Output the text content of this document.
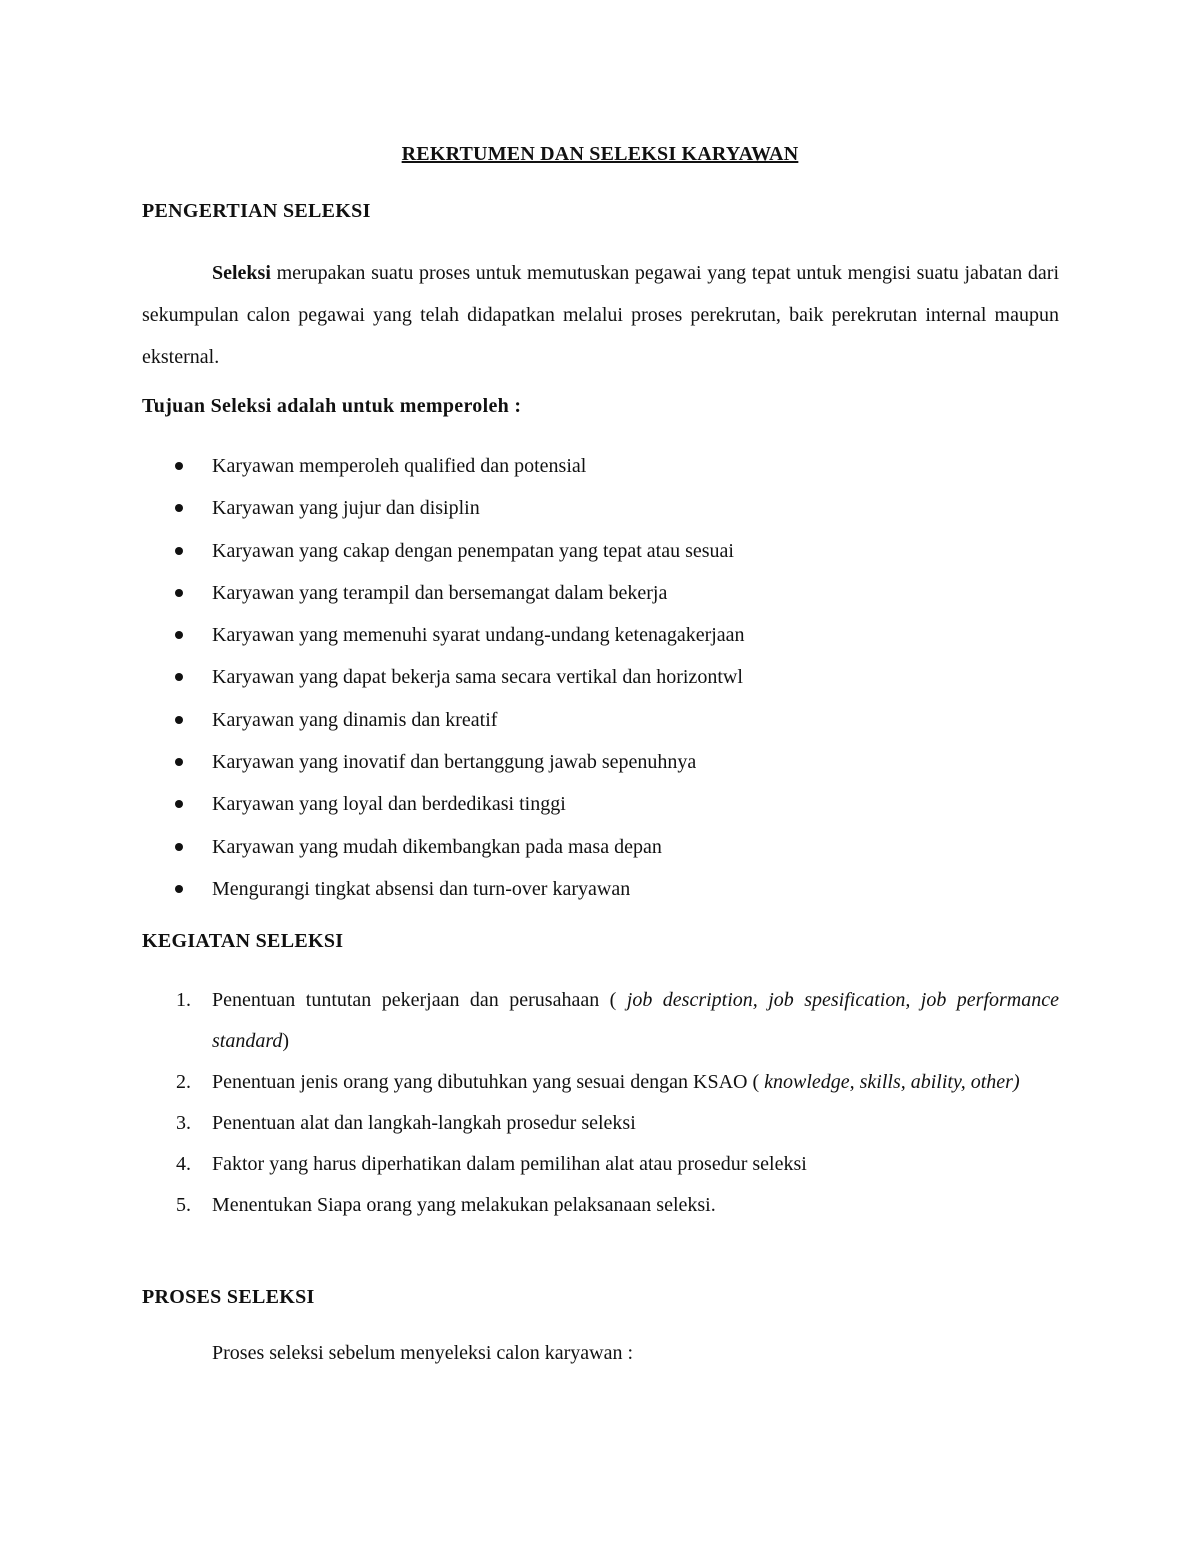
REKRTUMEN DAN SELEKSI KARYAWAN
PENGERTIAN SELEKSI
Seleksi merupakan suatu proses untuk memutuskan pegawai yang tepat untuk mengisi suatu jabatan dari sekumpulan calon pegawai yang telah didapatkan melalui proses perekrutan, baik perekrutan internal maupun eksternal.
Tujuan Seleksi adalah untuk memperoleh :
Karyawan memperoleh qualified dan potensial
Karyawan yang jujur dan disiplin
Karyawan yang cakap dengan penempatan yang tepat atau sesuai
Karyawan yang terampil dan bersemangat dalam bekerja
Karyawan yang memenuhi syarat undang-undang ketenagakerjaan
Karyawan yang dapat bekerja sama secara vertikal dan horizontwl
Karyawan yang dinamis dan kreatif
Karyawan yang inovatif dan bertanggung jawab sepenuhnya
Karyawan yang loyal dan berdedikasi tinggi
Karyawan yang mudah dikembangkan pada masa depan
Mengurangi tingkat absensi dan turn-over karyawan
KEGIATAN SELEKSI
1. Penentuan tuntutan pekerjaan dan perusahaan ( job description, job spesification, job performance standard)
2. Penentuan jenis orang yang dibutuhkan yang sesuai dengan KSAO ( knowledge, skills, ability, other)
3. Penentuan alat dan langkah-langkah prosedur seleksi
4. Faktor yang harus diperhatikan dalam pemilihan alat atau prosedur seleksi
5. Menentukan Siapa orang yang melakukan pelaksanaan seleksi.
PROSES SELEKSI
Proses seleksi sebelum menyeleksi calon karyawan :
